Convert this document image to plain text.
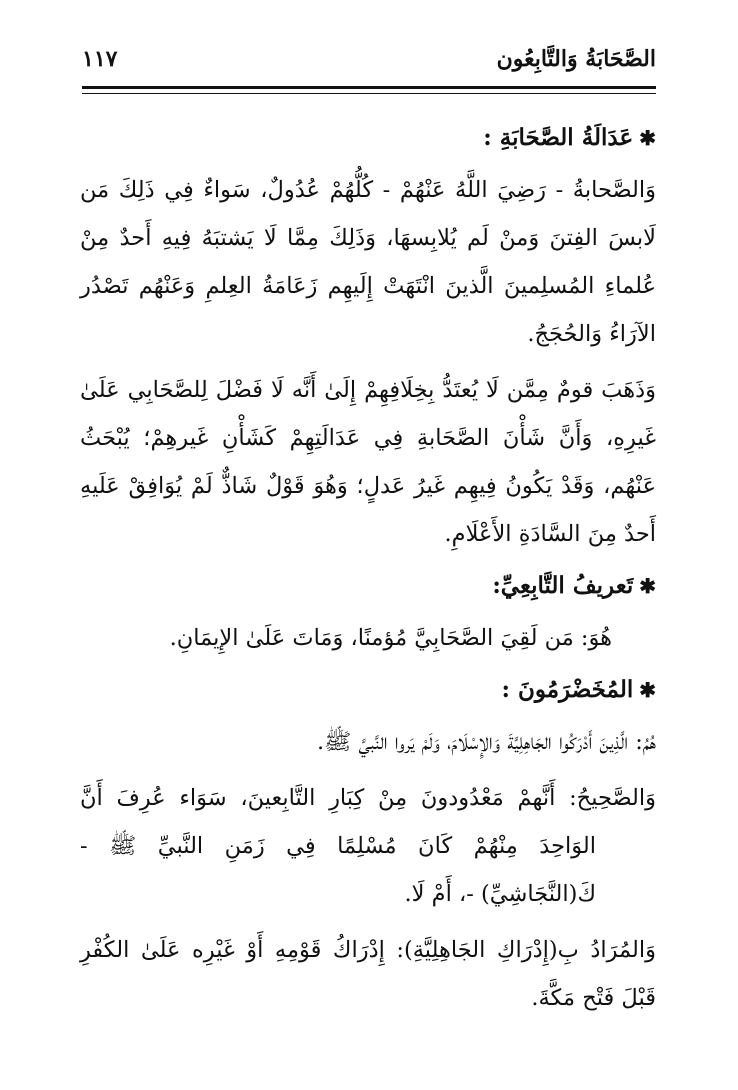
الصَّحَابَةُ وَالتَّابِعُون
١١٧
✱عَدَالَةُ الصَّحَابَةِ :

وَالصَّحابةُ - رَضِيَ اللَّهُ عَنْهُمْ - كُلُّهُمْ عُدُولٌ، سَواءٌ فِي ذَلِكَ مَن لَابسَ الفِتنَ وَمنْ لَم يُلابِسهَا، وَذَلِكَ مِمَّا لَا يَشتبَهُ فِيهِ أَحدٌ مِنْ عُلماءِ المُسلِمينَ الَّذينَ انْتَهَتْ إِلَيهِم زَعَامَةُ العِلمِ وَعَنْهُم تَصْدُر الآرَاءُ وَالحُجَجُ.

وَذَهَبَ قومٌ مِمَّن لَا يُعتَدُّ بِخِلَافِهِمْ إِلَىٰ أَنَّه لَا فَضْلَ لِلصَّحَابِي عَلَىٰ غَيرِهِ، وَأَنَّ شَأْنَ الصَّحَابةِ فِي عَدَالَتِهِمْ كَشَأْنِ غَيرهِمْ؛ يُبْحَثُ عَنْهُم، وَقَدْ يَكُونُ فِيهِم غَيرُ عَدلٍ؛ وَهُوَ قَوْلٌ شَاذٌّ لَمْ يُوَافِقْ عَلَيهِ أَحدٌ مِنَ السَّادَةِ الأَعْلَامِ.

✱تَعريفُ التَّابِعِيِّ:

هُوَ: مَن لَقِيَ الصَّحَابِيَّ مُؤمنًا، وَمَاتَ عَلَىٰ الإِيمَانِ.

✱المُخَضْرَمُونَ :

هُمُ: الَّذِينَ أَدْرَكُوا الجَاهِلِيَّةَ وَالإِسْلَامَ، وَلَمْ يَروا النَّبيَّ ﷺ.

وَالصَّحِيحُ: أَنَّهمْ مَعْدُودونَ مِنْ كِبَارِ التَّابِعينَ، سَوَاء عُرِفَ أَنَّ الوَاحِدَ مِنْهُمْ كَانَ مُسْلِمًا فِي زَمَنِ النَّبيِّ ﷺ - كَ(النَّجَاشِيِّ) -، أَمْ لَا.

وَالمُرَادُ بِ(إِدْرَاكِ الجَاهِلِيَّةِ): إِدْرَاكُ قَوْمِهِ أَوْ غَيْرِه عَلَىٰ الكُفْرِ قَبْلَ فَتْح مَكَّةَ.
